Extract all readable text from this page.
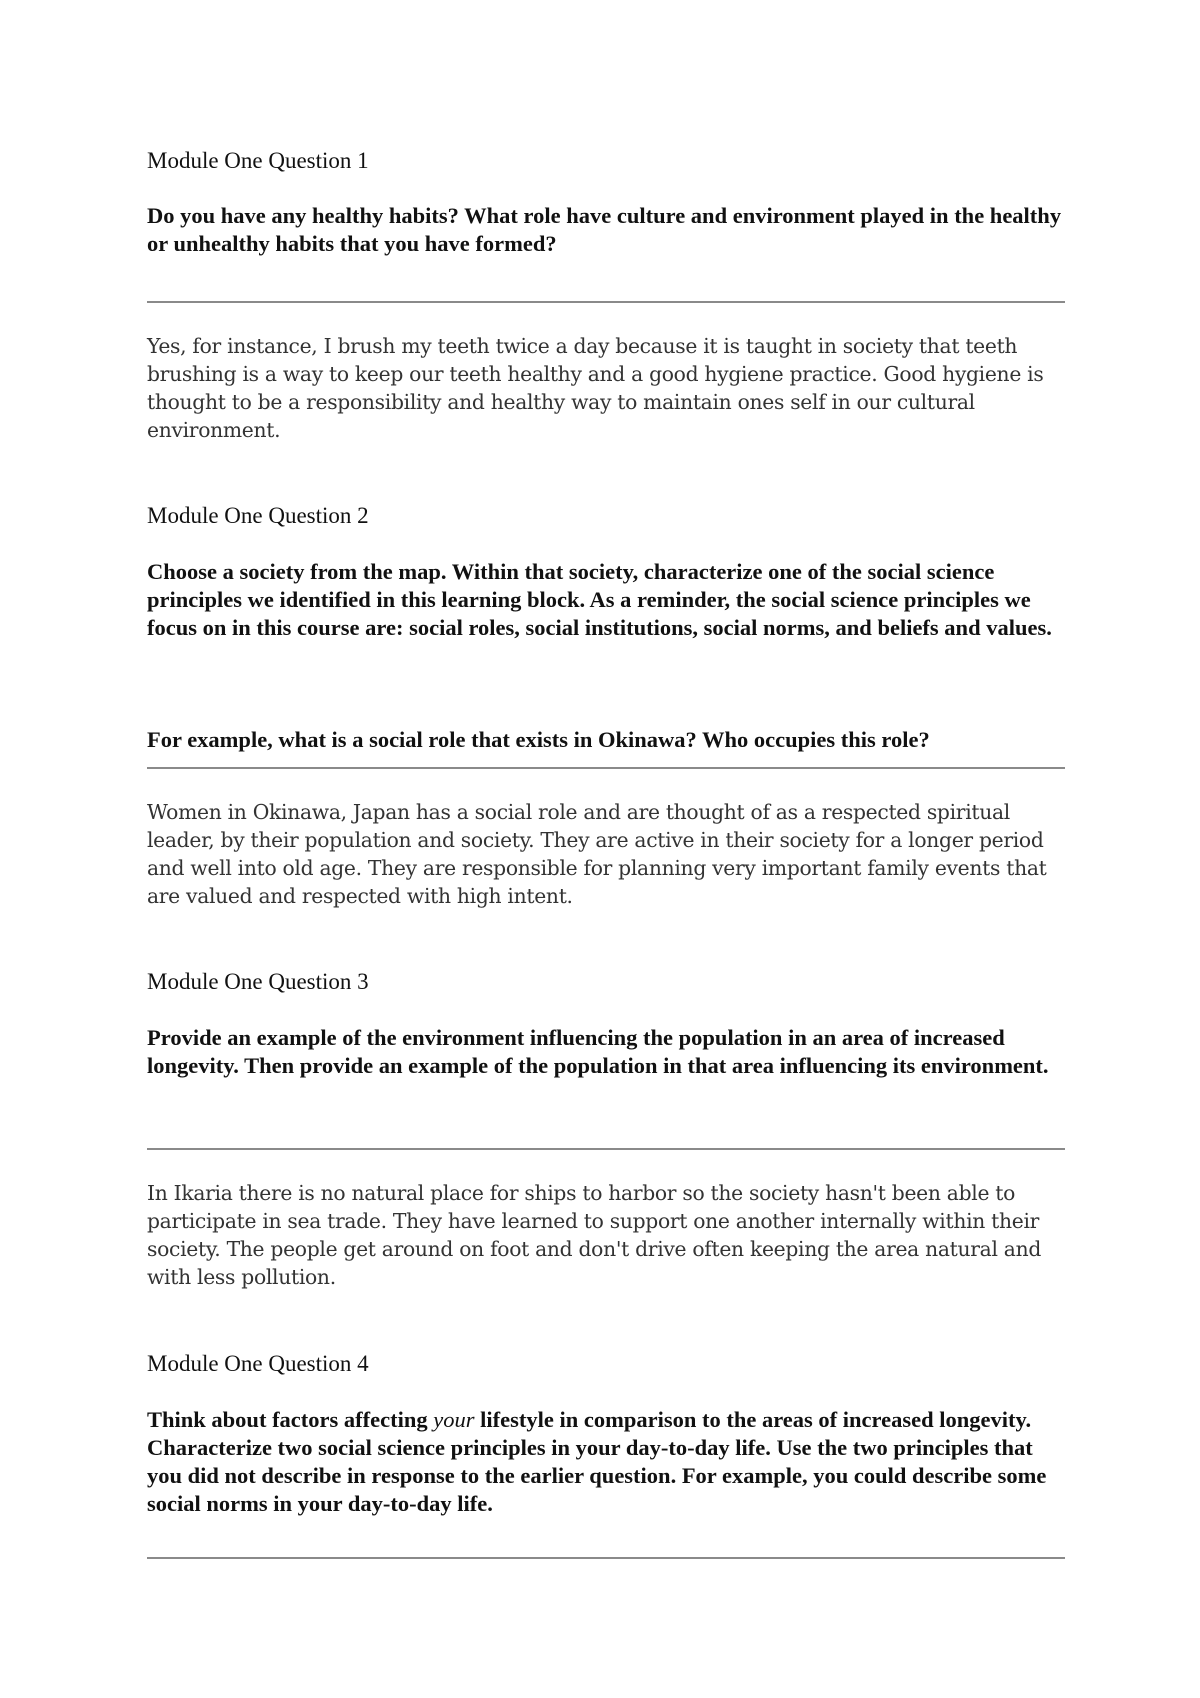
Module One Question 1

Do you have any healthy habits? What role have culture and environment played in the healthy or unhealthy habits that you have formed?

Yes, for instance, I brush my teeth twice a day because it is taught in society that teeth brushing is a way to keep our teeth healthy and a good hygiene practice. Good hygiene is thought to be a responsibility and healthy way to maintain ones self in our cultural environment.

Module One Question 2

Choose a society from the map. Within that society, characterize one of the social science principles we identified in this learning block. As a reminder, the social science principles we focus on in this course are: social roles, social institutions, social norms, and beliefs and values.

For example, what is a social role that exists in Okinawa? Who occupies this role?

Women in Okinawa, Japan has a social role and are thought of as a respected spiritual leader, by their population and society. They are active in their society for a longer period and well into old age. They are responsible for planning very important family events that are valued and respected with high intent.

Module One Question 3

Provide an example of the environment influencing the population in an area of increased longevity. Then provide an example of the population in that area influencing its environment.

In Ikaria there is no natural place for ships to harbor so the society hasn't been able to participate in sea trade. They have learned to support one another internally within their society. The people get around on foot and don't drive often keeping the area natural and with less pollution.

Module One Question 4

Think about factors affecting your lifestyle in comparison to the areas of increased longevity. Characterize two social science principles in your day-to-day life. Use the two principles that you did not describe in response to the earlier question. For example, you could describe some social norms in your day-to-day life.
